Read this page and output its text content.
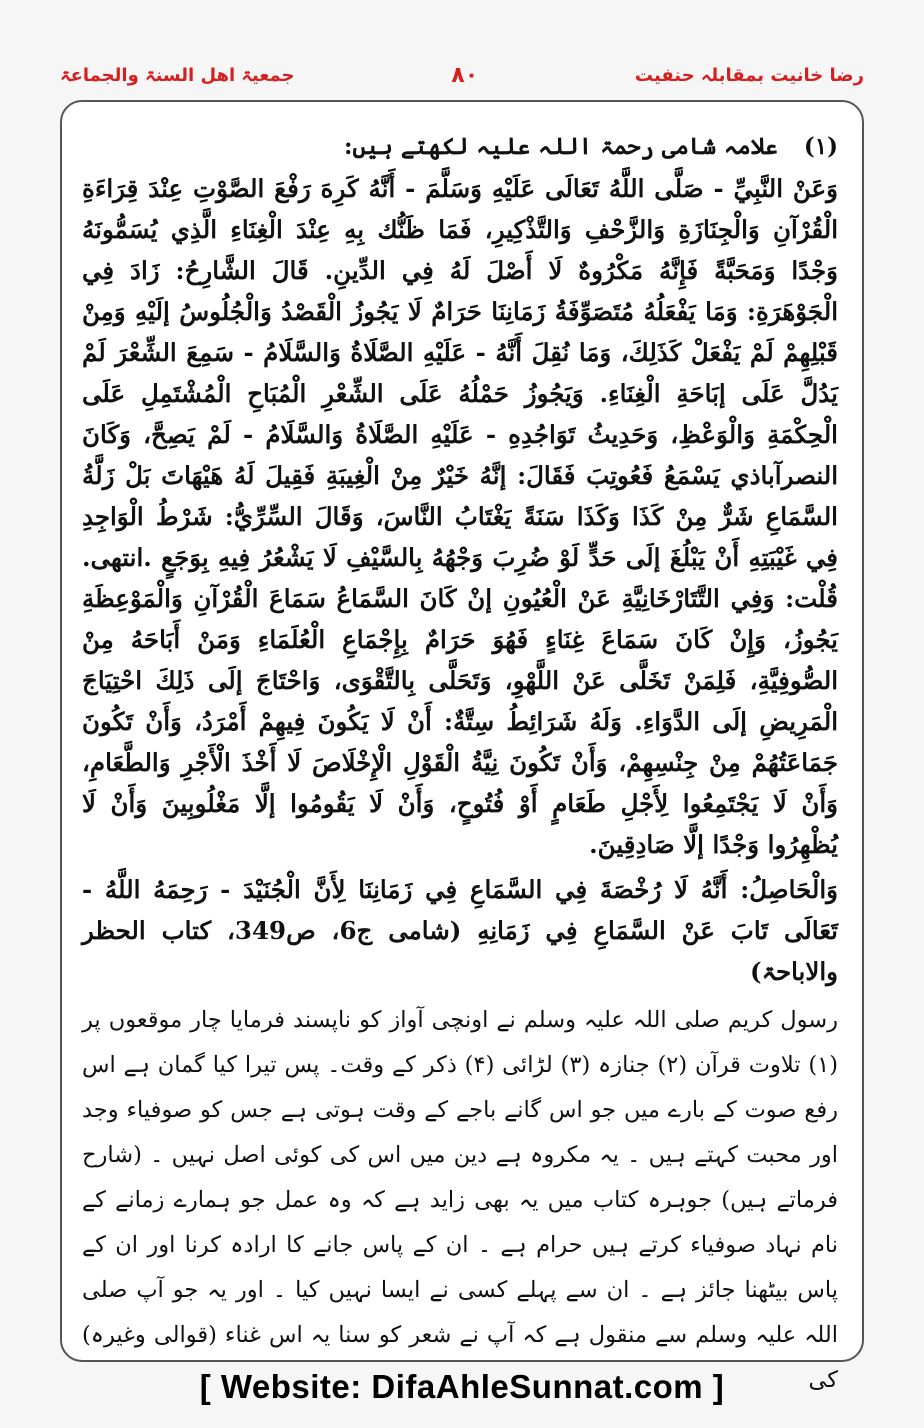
رضا خانیت بمقابلہ حنفیت
۸۰
جمعیۃ اھل السنۃ والجماعۃ
(۱) علامہ شامی رحمۃ اللہ علیہ لکھتے ہیں:

وَعَنْ النَّبِيِّ - صَلَّى اللَّهُ تَعَالَى عَلَيْهِ وَسَلَّمَ - أَنَّهُ كَرِهَ رَفْعَ الصَّوْتِ عِنْدَ قِرَاءَةِ الْقُرْآنِ وَالْجِنَازَةِ وَالزَّحْفِ وَالتَّذْكِيرِ، فَمَا ظَنُّك بِهِ عِنْدَ الْغِنَاءِ الَّذِي يُسَمُّونَهُ وَجْدًا وَمَحَبَّةً فَإِنَّهُ مَكْرُوهٌ لَا أَصْلَ لَهُ فِي الدِّينِ. قَالَ الشَّارِحُ: زَادَ فِي الْجَوْهَرَةِ: وَمَا يَفْعَلُهُ مُتَصَوِّفَةُ زَمَانِنَا حَرَامٌ لَا يَجُوزُ الْقَصْدُ وَالْجُلُوسُ إلَيْهِ وَمِنْ قَبْلِهِمْ لَمْ يَفْعَلْ كَذَلِكَ، وَمَا نُقِلَ أَنَّهُ - عَلَيْهِ الصَّلَاةُ وَالسَّلَامُ - سَمِعَ الشِّعْرَ لَمْ يَدُلَّ عَلَى إبَاحَةِ الْغِنَاءِ. وَيَجُوزُ حَمْلُهُ عَلَى الشِّعْرِ الْمُبَاحِ الْمُشْتَمِلِ عَلَى الْحِكْمَةِ وَالْوَعْظِ، وَحَدِيثُ تَوَاجُدِهِ - عَلَيْهِ الصَّلَاةُ وَالسَّلَامُ - لَمْ يَصِحَّ، وَكَانَ النصرآباذي يَسْمَعُ فَعُوتِبَ فَقَالَ: إنَّهُ خَيْرٌ مِنْ الْغِيبَةِ فَقِيلَ لَهُ هَيْهَاتَ بَلْ زَلَّةُ السَّمَاعِ شَرٌّ مِنْ كَذَا وَكَذَا سَنَةً يَغْتَابُ النَّاسَ، وَقَالَ السِّرِّيُّ: شَرْطُ الْوَاجِدِ فِي غَيْبَتِهِ أَنْ يَبْلُغَ إلَى حَدٍّ لَوْ ضُرِبَ وَجْهُهُ بِالسَّيْفِ لَا يَشْعُرُ فِيهِ بِوَجَعٍ .انتهى. قُلْت: وَفِي التَّتَارْخَانِيَّةِ عَنْ الْعُيُونِ إنْ كَانَ السَّمَاعُ سَمَاعَ الْقُرْآنِ وَالْمَوْعِظَةِ يَجُوزُ، وَإِنْ كَانَ سَمَاعَ غِنَاءٍ فَهُوَ حَرَامٌ بِإِجْمَاعِ الْعُلَمَاءِ وَمَنْ أَبَاحَهُ مِنْ الصُّوفِيَّةِ، فَلِمَنْ تَخَلَّى عَنْ اللَّهْوِ، وَتَحَلَّى بِالتَّقْوَى، وَاحْتَاجَ إلَى ذَلِكَ احْتِيَاجَ الْمَرِيضِ إلَى الدَّوَاءِ. وَلَهُ شَرَائِطُ سِتَّةٌ: أَنْ لَا يَكُونَ فِيهِمْ أَمْرَدُ، وَأَنْ تَكُونَ جَمَاعَتُهُمْ مِنْ جِنْسِهِمْ، وَأَنْ تَكُونَ نِيَّةُ الْقَوْلِ الْإِخْلَاصَ لَا أَخْذَ الْأَجْرِ وَالطَّعَامِ، وَأَنْ لَا يَجْتَمِعُوا لِأَجْلِ طَعَامٍ أَوْ فُتُوحٍ، وَأَنْ لَا يَقُومُوا إلَّا مَغْلُوبِينَ وَأَنْ لَا يُظْهِرُوا وَجْدًا إلَّا صَادِقِينَ.

وَالْحَاصِلُ: أَنَّهُ لَا رُخْصَةَ فِي السَّمَاعِ فِي زَمَانِنَا لِأَنَّ الْجُنَيْدَ - رَحِمَهُ اللَّهُ - تَعَالَى تَابَ عَنْ السَّمَاعِ فِي زَمَانِهِ (شامی ج6، ص349، کتاب الحظر والاباحۃ)

رسول کریم صلی اللہ علیہ وسلم نے اونچی آواز کو ناپسند فرمایا چار موقعوں پر (۱) تلاوت قرآن (۲) جنازہ (۳) لڑائی (۴) ذکر کے وقت۔ پس تیرا کیا گمان ہے اس رفع صوت کے بارے میں جو اس گانے باجے کے وقت ہوتی ہے جس کو صوفیاء وجد اور محبت کہتے ہیں ۔ یہ مکروہ ہے دین میں اس کی کوئی اصل نہیں ۔ (شارح فرماتے ہیں) جوہرہ کتاب میں یہ بھی زاید ہے کہ وہ عمل جو ہمارے زمانے کے نام نہاد صوفیاء کرتے ہیں حرام ہے ۔ ان کے پاس جانے کا ارادہ کرنا اور ان کے پاس بیٹھنا جائز ہے ۔ ان سے پہلے کسی نے ایسا نہیں کیا ۔ اور یہ جو آپ صلی اللہ علیہ وسلم سے منقول ہے کہ آپ نے شعر کو سنا یہ اس غناء (قوالی وغیرہ) کی

[ Website: DifaAhleSunnat.com ]
